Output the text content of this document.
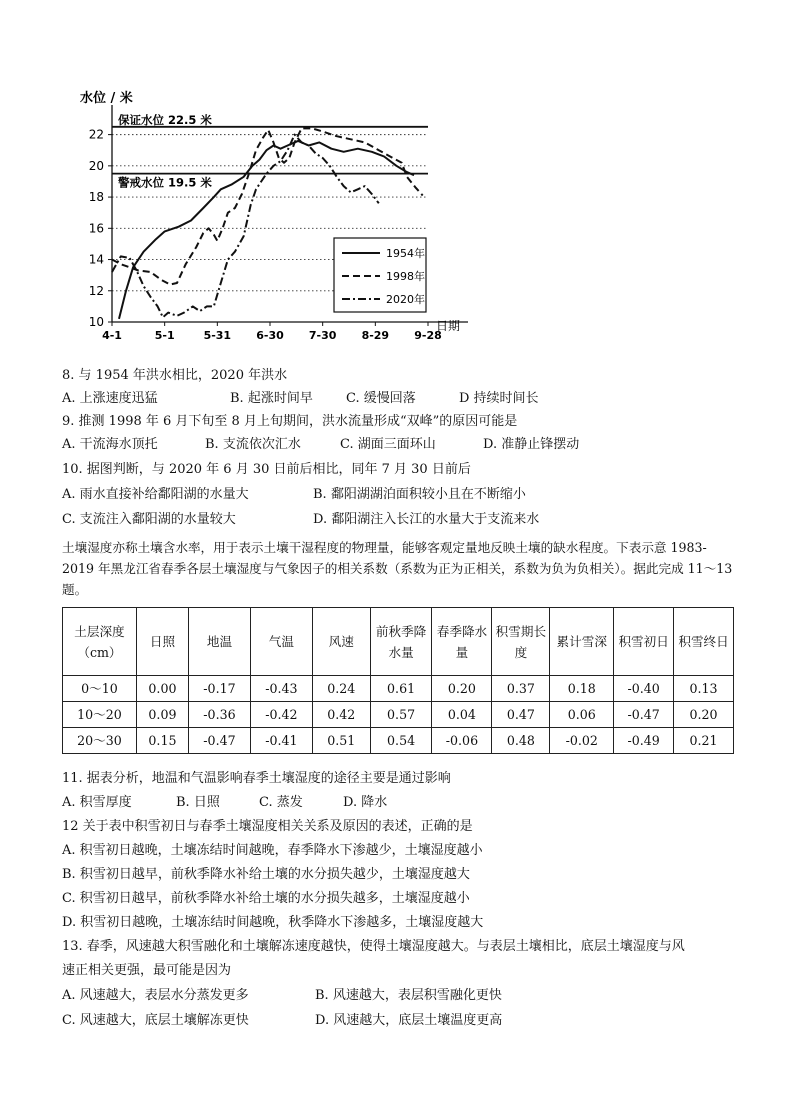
保证水位 22.5 米
警戒水位 19.5 米
10
12
14
16
18
20
22
4-1	5-1	5-31 6-30 7-30 8-29 9-28
水位 / 米
日期
1954年
1998年
2020年
8. 与 1954 年洪水相比，2020 年洪水
A. 上涨速度迅猛	B. 起涨时间早	C. 缓慢回落	D 持续时间长
9. 推测 1998 年 6 月下旬至 8 月上旬期间，洪水流量形成“双峰”的原因可能是
A. 干流海水顶托	B. 支流依次汇水	C. 湖面三面环山	D. 准静止锋摆动
10. 据图判断，与 2020 年 6 月 30 日前后相比，同年 7 月 30 日前后
A. 雨水直接补给鄱阳湖的水量大	B. 鄱阳湖湖泊面积较小且在不断缩小
C. 支流注入鄱阳湖的水量较大	D. 鄱阳湖注入长江的水量大于支流来水
土壤湿度亦称土壤含水率，用于表示土壤干湿程度的物理量，能够客观定量地反映土壤的缺水程度。下表示意 1983-2019 年黑龙江省春季各层土壤湿度与气象因子的相关系数（系数为正为正相关，系数为负为负相关）。据此完成 11～13 题。
土层深度（cm）	日照	地温	气温	风速	前秋季降水量	春季降水量	积雪期长度	累计雪深	积雪初日	积雪终日
0～10	0.00	-0.17	-0.43	0.24	0.61	0.20	0.37	0.18	-0.40	0.13
10～20	0.09	-0.36	-0.42	0.42	0.57	0.04	0.47	0.06	-0.47	0.20
20～30	0.15	-0.47	-0.41	0.51	0.54	-0.06	0.48	-0.02	-0.49	0.21
11. 据表分析，地温和气温影响春季土壤湿度的途径主要是通过影响
A. 积雪厚度	B. 日照	C. 蒸发	D. 降水
12 关于表中积雪初日与春季土壤湿度相关关系及原因的表述，正确的是
A. 积雪初日越晚，土壤冻结时间越晚，春季降水下渗越少，土壤湿度越小
B. 积雪初日越早，前秋季降水补给土壤的水分损失越少，土壤湿度越大
C. 积雪初日越早，前秋季降水补给土壤的水分损失越多，土壤湿度越小
D. 积雪初日越晚，土壤冻结时间越晚，秋季降水下渗越多，土壤湿度越大
13. 春季，风速越大积雪融化和土壤解冻速度越快，使得土壤湿度越大。与表层土壤相比，底层土壤湿度与风
速正相关更强，最可能是因为
A. 风速越大，表层水分蒸发更多	B. 风速越大，表层积雪融化更快
C. 风速越大，底层土壤解冻更快	D. 风速越大，底层土壤温度更高
